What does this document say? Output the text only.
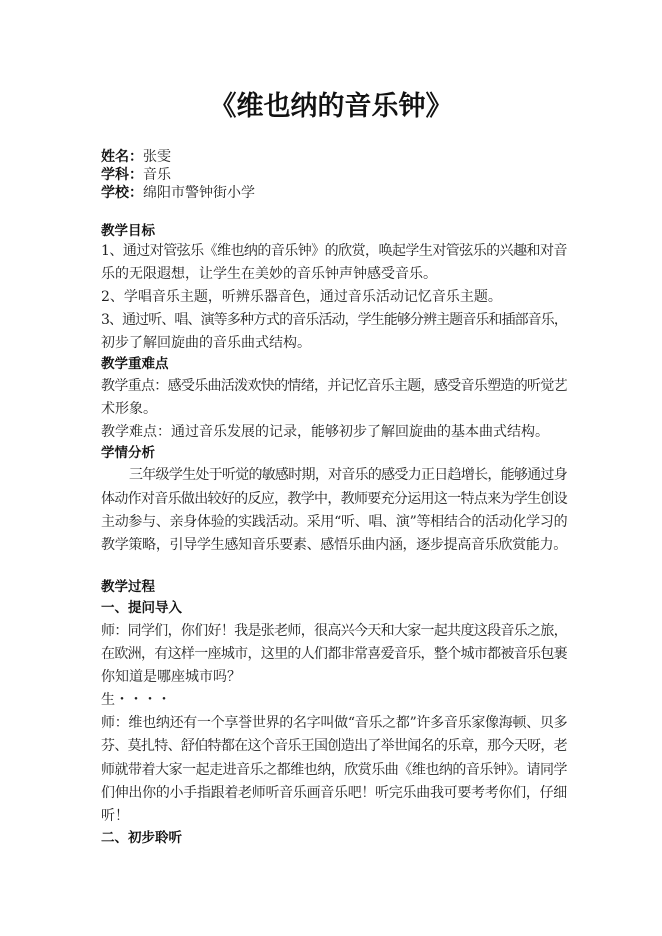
《维也纳的音乐钟》
姓名：张雯
学科：音乐
学校：绵阳市警钟街小学
教学目标
1、通过对管弦乐《维也纳的音乐钟》的欣赏，唤起学生对管弦乐的兴趣和对音
乐的无限遐想，让学生在美妙的音乐钟声钟感受音乐。
2、学唱音乐主题，听辨乐器音色，通过音乐活动记忆音乐主题。
3、通过听、唱、演等多种方式的音乐活动，学生能够分辨主题音乐和插部音乐，
初步了解回旋曲的音乐曲式结构。
教学重难点
教学重点：感受乐曲活泼欢快的情绪，并记忆音乐主题，感受音乐塑造的听觉艺
术形象。
教学难点：通过音乐发展的记录，能够初步了解回旋曲的基本曲式结构。
学情分析
三年级学生处于听觉的敏感时期，对音乐的感受力正日趋增长，能够通过身
体动作对音乐做出较好的反应，教学中，教师要充分运用这一特点来为学生创设
主动参与、亲身体验的实践活动。采用“听、唱、演”等相结合的活动化学习的
教学策略，引导学生感知音乐要素、感悟乐曲内涵，逐步提高音乐欣赏能力。
教学过程
一、提问导入
师：同学们，你们好！我是张老师，很高兴今天和大家一起共度这段音乐之旅，
在欧洲，有这样一座城市，这里的人们都非常喜爱音乐，整个城市都被音乐包裹
你知道是哪座城市吗？
生・・・・
师：维也纳还有一个享誉世界的名字叫做“音乐之都”许多音乐家像海顿、贝多
芬、莫扎特、舒伯特都在这个音乐王国创造出了举世闻名的乐章，那今天呀，老
师就带着大家一起走进音乐之都维也纳，欣赏乐曲《维也纳的音乐钟》。请同学
们伸出你的小手指跟着老师听音乐画音乐吧！听完乐曲我可要考考你们，仔细
听！
二、初步聆听
